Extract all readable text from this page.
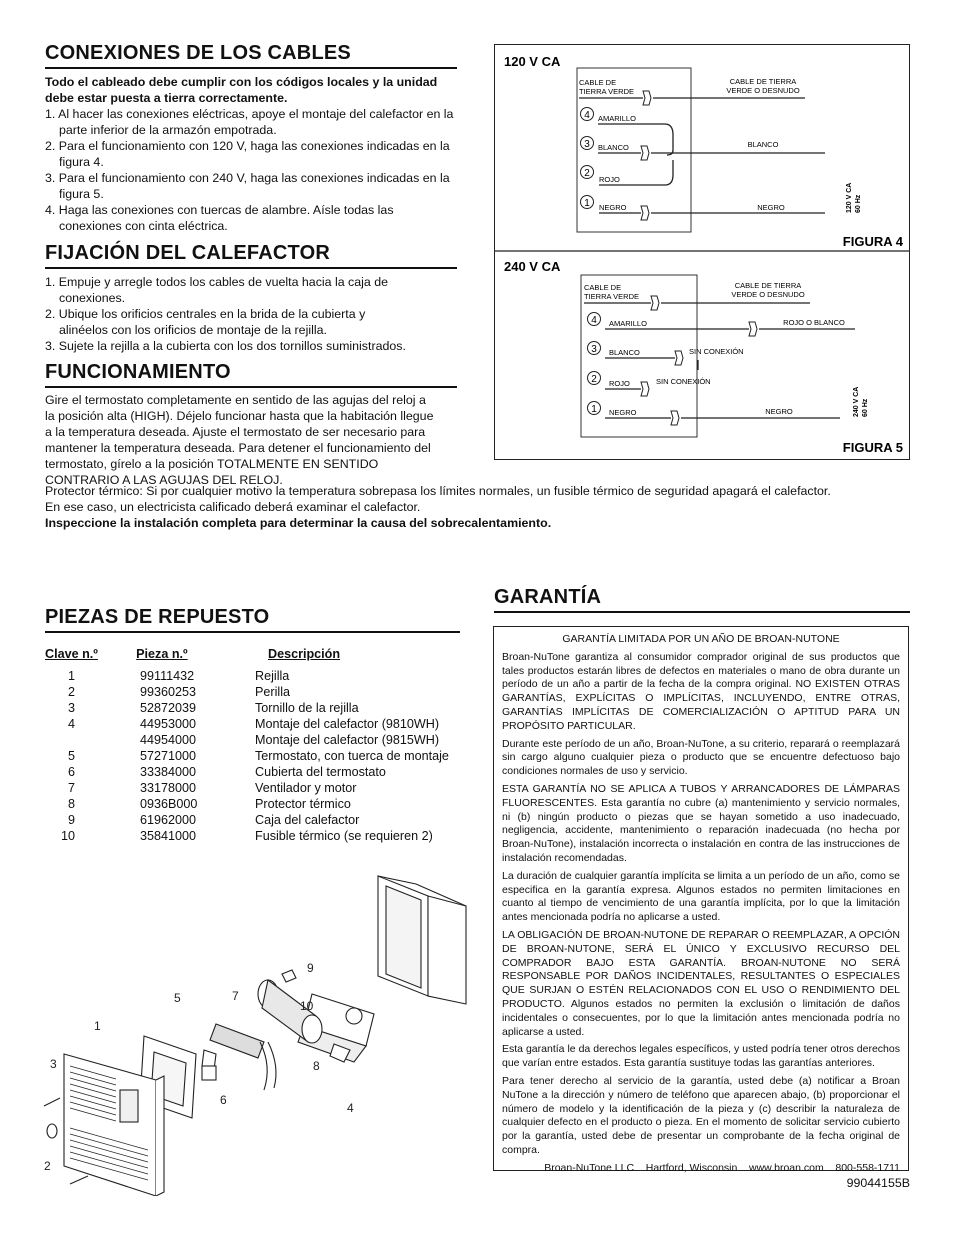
CONEXIONES DE LOS CABLES

Todo el cableado debe cumplir con los códigos locales y la unidad debe estar puesta a tierra correctamente.

1. Al hacer las conexiones eléctricas, apoye el montaje del calefactor en la parte inferior de la armazón empotrada.
2. Para el funcionamiento con 120 V, haga las conexiones indicadas en la figura 4.
3. Para el funcionamiento con 240 V, haga las conexiones indicadas en la figura 5.
4. Haga las conexiones con tuercas de alambre. Aísle todas las conexiones con cinta eléctrica.
FIJACIÓN DEL CALEFACTOR
1. Empuje y arregle todos los cables de vuelta hacia la caja de conexiones.
2. Ubique los orificios centrales en la brida de la cubierta y alinéelos con los orificios de montaje de la rejilla.
3. Sujete la rejilla a la cubierta con los dos tornillos suministrados.
FUNCIONAMIENTO

Gire el termostato completamente en sentido de las agujas del reloj a la posición alta (HIGH). Déjelo funcionar hasta que la habitación llegue a la temperatura deseada. Ajuste el termostato de ser necesario para mantener la temperatura deseada. Para detener el funcionamiento del termostato, gírelo a la posición TOTALMENTE EN SENTIDO CONTRARIO A LAS AGUJAS DEL RELOJ.

Protector térmico: Si por cualquier motivo la temperatura sobrepasa los límites normales, un fusible térmico de seguridad apagará el calefactor.

En ese caso, un electricista calificado deberá examinar el calefactor.

Inspeccione la instalación completa para determinar la causa del sobrecalentamiento.

120 V CA
CABLE DE
TIERRA VERDE
CABLE DE TIERRA
VERDE O DESNUDO
4 AMARILLO
3 BLANCO	BLANCO
2
ROJO
1 NEGRO	NEGRO	120 V CA 60 Hz
FIGURA 4
240 V CA
CABLE DE
TIERRA VERDE
CABLE DE TIERRA
VERDE O DESNUDO
4 AMARILLO	ROJO O BLANCO
3 BLANCO	SIN CONEXIÓN
2 ROJO	SIN CONEXIÓN
1 NEGRO	NEGRO	240 V CA 60 Hz
FIGURA 5
PIEZAS DE REPUESTO
Clave n.º	Pieza n.º	Descripción
1	99111432	Rejilla
2	99360253	Perilla
3	52872039	Tornillo de la rejilla
4	44953000	Montaje del calefactor (9810WH)
	44954000	Montaje del calefactor (9815WH)
5	57271000	Termostato, con tuerca de montaje
6	33384000	Cubierta del termostato
7	33178000	Ventilador y motor
8	0936B000	Protector térmico
9	61962000	Caja del calefactor
10	35841000	Fusible térmico (se requieren 2)
1
2
3
4
5
6
7
8
9
10
GARANTÍA

GARANTÍA LIMITADA POR UN AÑO DE BROAN-NUTONE

Broan-NuTone garantiza al consumidor comprador original de sus productos que tales productos estarán libres de defectos en materiales o mano de obra durante un período de un año a partir de la fecha de la compra original. NO EXISTEN OTRAS GARANTÍAS, EXPLÍCITAS O IMPLÍCITAS, INCLUYENDO, ENTRE OTRAS, GARANTÍAS IMPLÍCITAS DE COMERCIALIZACIÓN O APTITUD PARA UN PROPÓSITO PARTICULAR.

Durante este período de un año, Broan-NuTone, a su criterio, reparará o reemplazará sin cargo alguno cualquier pieza o producto que se encuentre defectuoso bajo condiciones normales de uso y servicio.

ESTA GARANTÍA NO SE APLICA A TUBOS Y ARRANCADORES DE LÁMPARAS FLUORESCENTES. Esta garantía no cubre (a) mantenimiento y servicio normales, ni (b) ningún producto o piezas que se hayan sometido a uso inadecuado, negligencia, accidente, mantenimiento o reparación inadecuada (no hecha por Broan-NuTone), instalación incorrecta o instalación en contra de las instrucciones de instalación recomendadas.

La duración de cualquier garantía implícita se limita a un período de un año, como se especifica en la garantía expresa. Algunos estados no permiten limitaciones en cuanto al tiempo de vencimiento de una garantía implícita, por lo que la limitación antes mencionada podría no aplicarse a usted.

LA OBLIGACIÓN DE BROAN-NUTONE DE REPARAR O REEMPLAZAR, A OPCIÓN DE BROAN-NUTONE, SERÁ EL ÚNICO Y EXCLUSIVO RECURSO DEL COMPRADOR BAJO ESTA GARANTÍA. BROAN-NUTONE NO SERÁ RESPONSABLE POR DAÑOS INCIDENTALES, RESULTANTES O ESPECIALES QUE SURJAN O ESTÉN RELACIONADOS CON EL USO O RENDIMIENTO DEL PRODUCTO. Algunos estados no permiten la exclusión o limitación de daños incidentales o consecuentes, por lo que la limitación antes mencionada podría no aplicarse a usted.

Esta garantía le da derechos legales específicos, y usted podría tener otros derechos que varían entre estados. Esta garantía sustituye todas las garantías anteriores.

Para tener derecho al servicio de la garantía, usted debe (a) notificar a Broan NuTone a la dirección y número de teléfono que aparecen abajo, (b) proporcionar el número de modelo y la identificación de la pieza y (c) describir la naturaleza de cualquier defecto en el producto o pieza. En el momento de solicitar servicio cubierto por la garantía, usted debe de presentar un comprobante de la fecha original de compra.

Broan-NuTone LLC    Hartford, Wisconsin    www.broan.com    800-558-1711

99044155B
